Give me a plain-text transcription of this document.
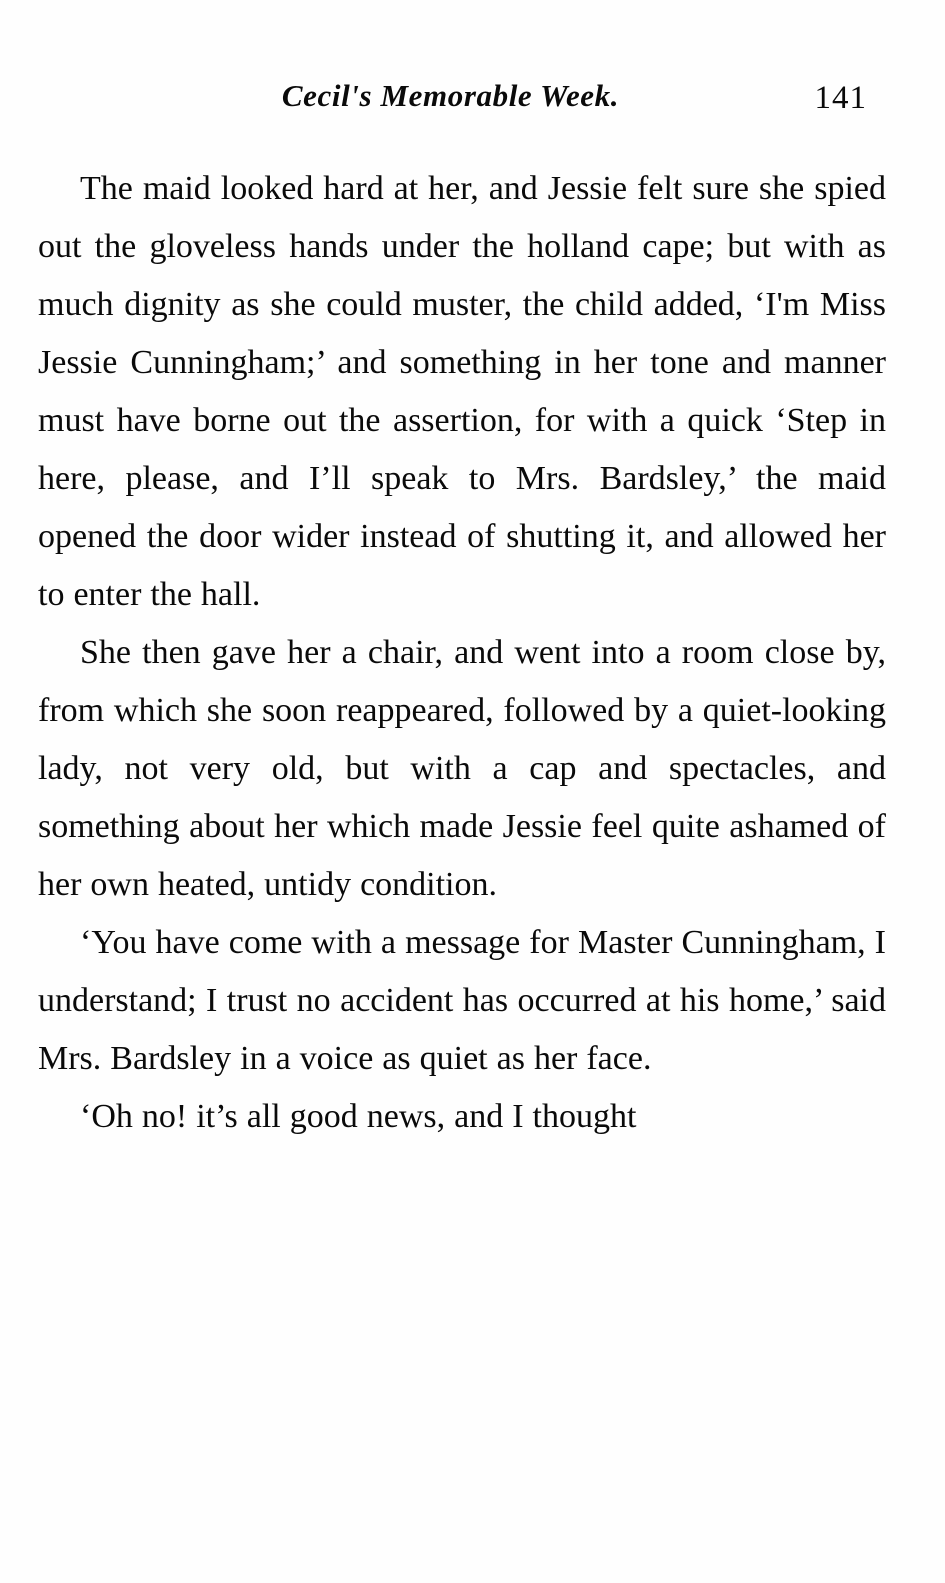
Cecil's Memorable Week.	141

The maid looked hard at her, and Jessie felt sure she spied out the gloveless hands under the holland cape; but with as much dignity as she could muster, the child added, ‘I'm Miss Jessie Cunningham;’ and something in her tone and manner must have borne out the assertion, for with a quick ‘Step in here, please, and I’ll speak to Mrs. Bardsley,’ the maid opened the door wider instead of shutting it, and allowed her to enter the hall.

She then gave her a chair, and went into a room close by, from which she soon reappeared, followed by a quiet-looking lady, not very old, but with a cap and spectacles, and something about her which made Jessie feel quite ashamed of her own heated, untidy condition.

‘You have come with a message for Master Cunningham, I understand; I trust no accident has occurred at his home,’ said Mrs. Bardsley in a voice as quiet as her face.

‘Oh no! it’s all good news, and I thought
